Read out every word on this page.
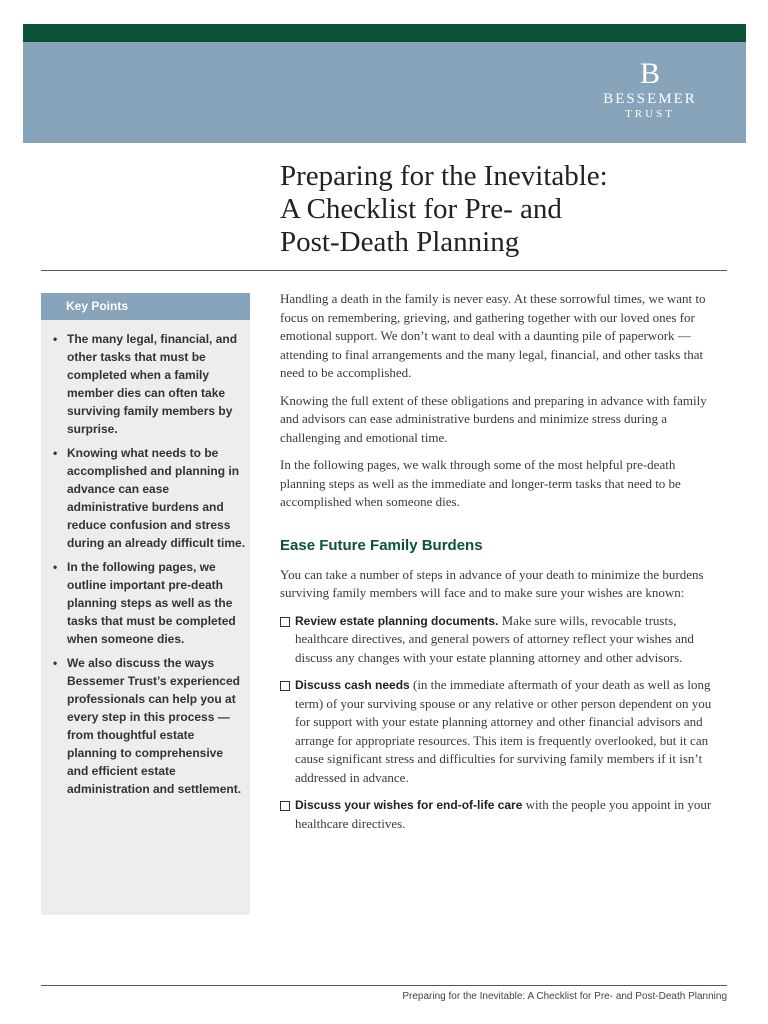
B
BESSEMER
TRUST
Preparing for the Inevitable:
A Checklist for Pre- and
Post-Death Planning
Key Points
• The many legal, financial, and other tasks that must be completed when a family member dies can often take surviving family members by surprise.
• Knowing what needs to be accomplished and planning in advance can ease administrative burdens and reduce confusion and stress during an already difficult time.
• In the following pages, we outline important pre-death planning steps as well as the tasks that must be completed when someone dies.
• We also discuss the ways Bessemer Trust’s experienced professionals can help you at every step in this process — from thoughtful estate planning to comprehensive and efficient estate administration and settlement.

Handling a death in the family is never easy. At these sorrowful times, we want to focus on remembering, grieving, and gathering together with our loved ones for emotional support. We don’t want to deal with a daunting pile of paperwork — attending to final arrangements and the many legal, financial, and other tasks that need to be accomplished.

Knowing the full extent of these obligations and preparing in advance with family and advisors can ease administrative burdens and minimize stress during a challenging and emotional time.

In the following pages, we walk through some of the most helpful pre-death planning steps as well as the immediate and longer-term tasks that need to be accomplished when someone dies.

Ease Future Family Burdens

You can take a number of steps in advance of your death to minimize the burdens surviving family members will face and to make sure your wishes are known:

Review estate planning documents. Make sure wills, revocable trusts, healthcare directives, and general powers of attorney reflect your wishes and discuss any changes with your estate planning attorney and other advisors.
Discuss cash needs (in the immediate aftermath of your death as well as long term) of your surviving spouse or any relative or other person dependent on you for support with your estate planning attorney and other financial advisors and arrange for appropriate resources. This item is frequently overlooked, but it can cause significant stress and difficulties for surviving family members if it isn’t addressed in advance.
Discuss your wishes for end-of-life care with the people you appoint in your healthcare directives.
Preparing for the Inevitable: A Checklist for Pre- and Post-Death Planning
